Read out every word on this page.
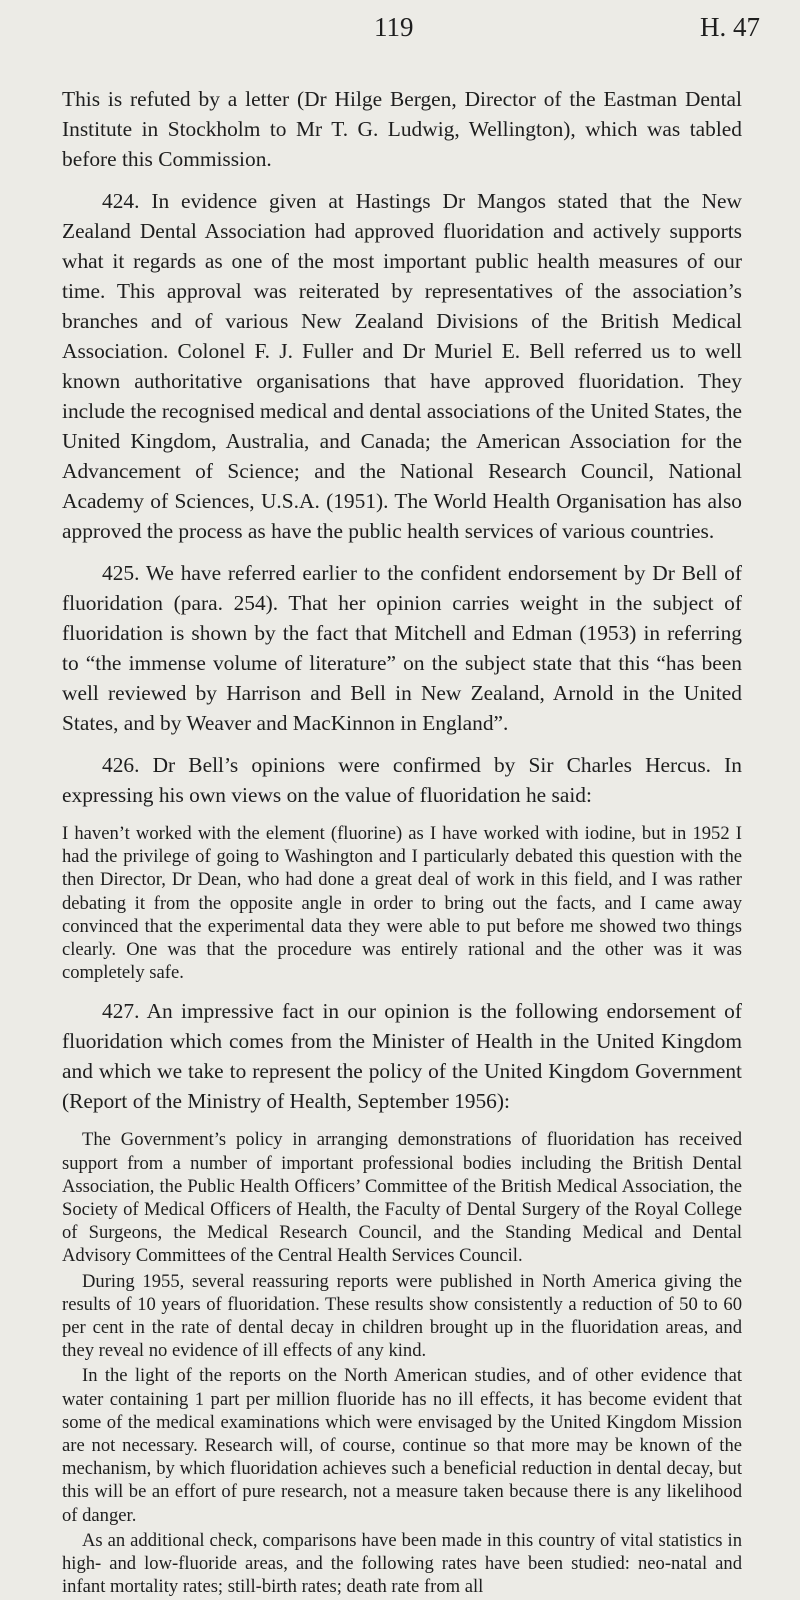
119	H. 47

This is refuted by a letter (Dr Hilge Bergen, Director of the Eastman Dental Institute in Stockholm to Mr T. G. Ludwig, Wellington), which was tabled before this Commission.

424. In evidence given at Hastings Dr Mangos stated that the New Zealand Dental Association had approved fluoridation and actively supports what it regards as one of the most important public health measures of our time. This approval was reiterated by representatives of the association’s branches and of various New Zealand Divisions of the British Medical Association. Colonel F. J. Fuller and Dr Muriel E. Bell referred us to well known authoritative organisations that have approved fluoridation. They include the recognised medical and dental associations of the United States, the United Kingdom, Australia, and Canada; the American Association for the Advancement of Science; and the National Research Council, National Academy of Sciences, U.S.A. (1951). The World Health Organisation has also approved the process as have the public health services of various countries.

425. We have referred earlier to the confident endorsement by Dr Bell of fluoridation (para. 254). That her opinion carries weight in the subject of fluoridation is shown by the fact that Mitchell and Edman (1953) in referring to “the immense volume of literature” on the subject state that this “has been well reviewed by Harrison and Bell in New Zealand, Arnold in the United States, and by Weaver and MacKinnon in England”.

426. Dr Bell’s opinions were confirmed by Sir Charles Hercus. In expressing his own views on the value of fluoridation he said:

I haven’t worked with the element (fluorine) as I have worked with iodine, but in 1952 I had the privilege of going to Washington and I particularly debated this question with the then Director, Dr Dean, who had done a great deal of work in this field, and I was rather debating it from the opposite angle in order to bring out the facts, and I came away convinced that the experimental data they were able to put before me showed two things clearly. One was that the procedure was entirely rational and the other was it was completely safe.

427. An impressive fact in our opinion is the following endorsement of fluoridation which comes from the Minister of Health in the United Kingdom and which we take to represent the policy of the United Kingdom Government (Report of the Ministry of Health, September 1956):

The Government’s policy in arranging demonstrations of fluoridation has received support from a number of important professional bodies including the British Dental Association, the Public Health Officers’ Committee of the British Medical Association, the Society of Medical Officers of Health, the Faculty of Dental Surgery of the Royal College of Surgeons, the Medical Research Council, and the Standing Medical and Dental Advisory Committees of the Central Health Services Council.

During 1955, several reassuring reports were published in North America giving the results of 10 years of fluoridation. These results show consistently a reduction of 50 to 60 per cent in the rate of dental decay in children brought up in the fluoridation areas, and they reveal no evidence of ill effects of any kind.

In the light of the reports on the North American studies, and of other evidence that water containing 1 part per million fluoride has no ill effects, it has become evident that some of the medical examinations which were envisaged by the United Kingdom Mission are not necessary. Research will, of course, continue so that more may be known of the mechanism, by which fluoridation achieves such a beneficial reduction in dental decay, but this will be an effort of pure research, not a measure taken because there is any likelihood of danger.

As an additional check, comparisons have been made in this country of vital statistics in high- and low-fluoride areas, and the following rates have been studied: neo-natal and infant mortality rates; still-birth rates; death rate from all
